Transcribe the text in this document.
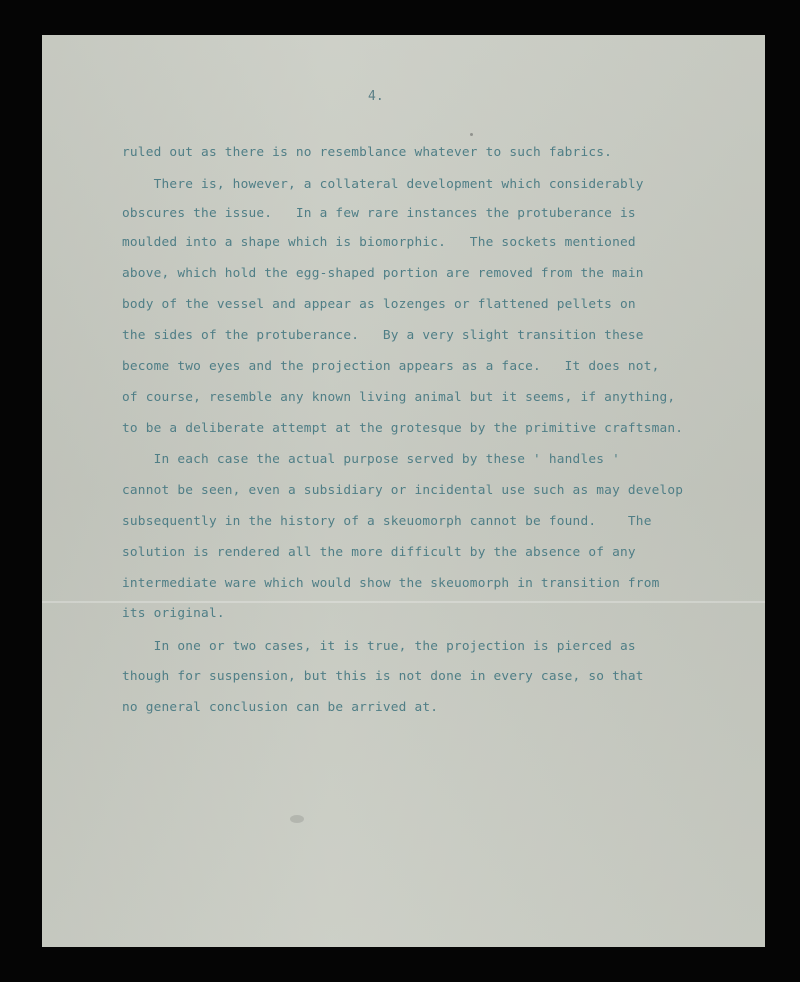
4.
ruled out as there is no resemblance whatever to such fabrics.
There is, however, a collateral development which considerably
obscures the issue.   In a few rare instances the protuberance is
moulded into a shape which is biomorphic.   The sockets mentioned
above, which hold the egg-shaped portion are removed from the main
body of the vessel and appear as lozenges or flattened pellets on
the sides of the protuberance.   By a very slight transition these
become two eyes and the projection appears as a face.   It does not,
of course, resemble any known living animal but it seems, if anything,
to be a deliberate attempt at the grotesque by the primitive craftsman.
In each case the actual purpose served by these ' handles '
cannot be seen, even a subsidiary or incidental use such as may develop
subsequently in the history of a skeuomorph cannot be found.    The
solution is rendered all the more difficult by the absence of any
intermediate ware which would show the skeuomorph in transition from
its original.
In one or two cases, it is true, the projection is pierced as
though for suspension, but this is not done in every case, so that
no general conclusion can be arrived at.
